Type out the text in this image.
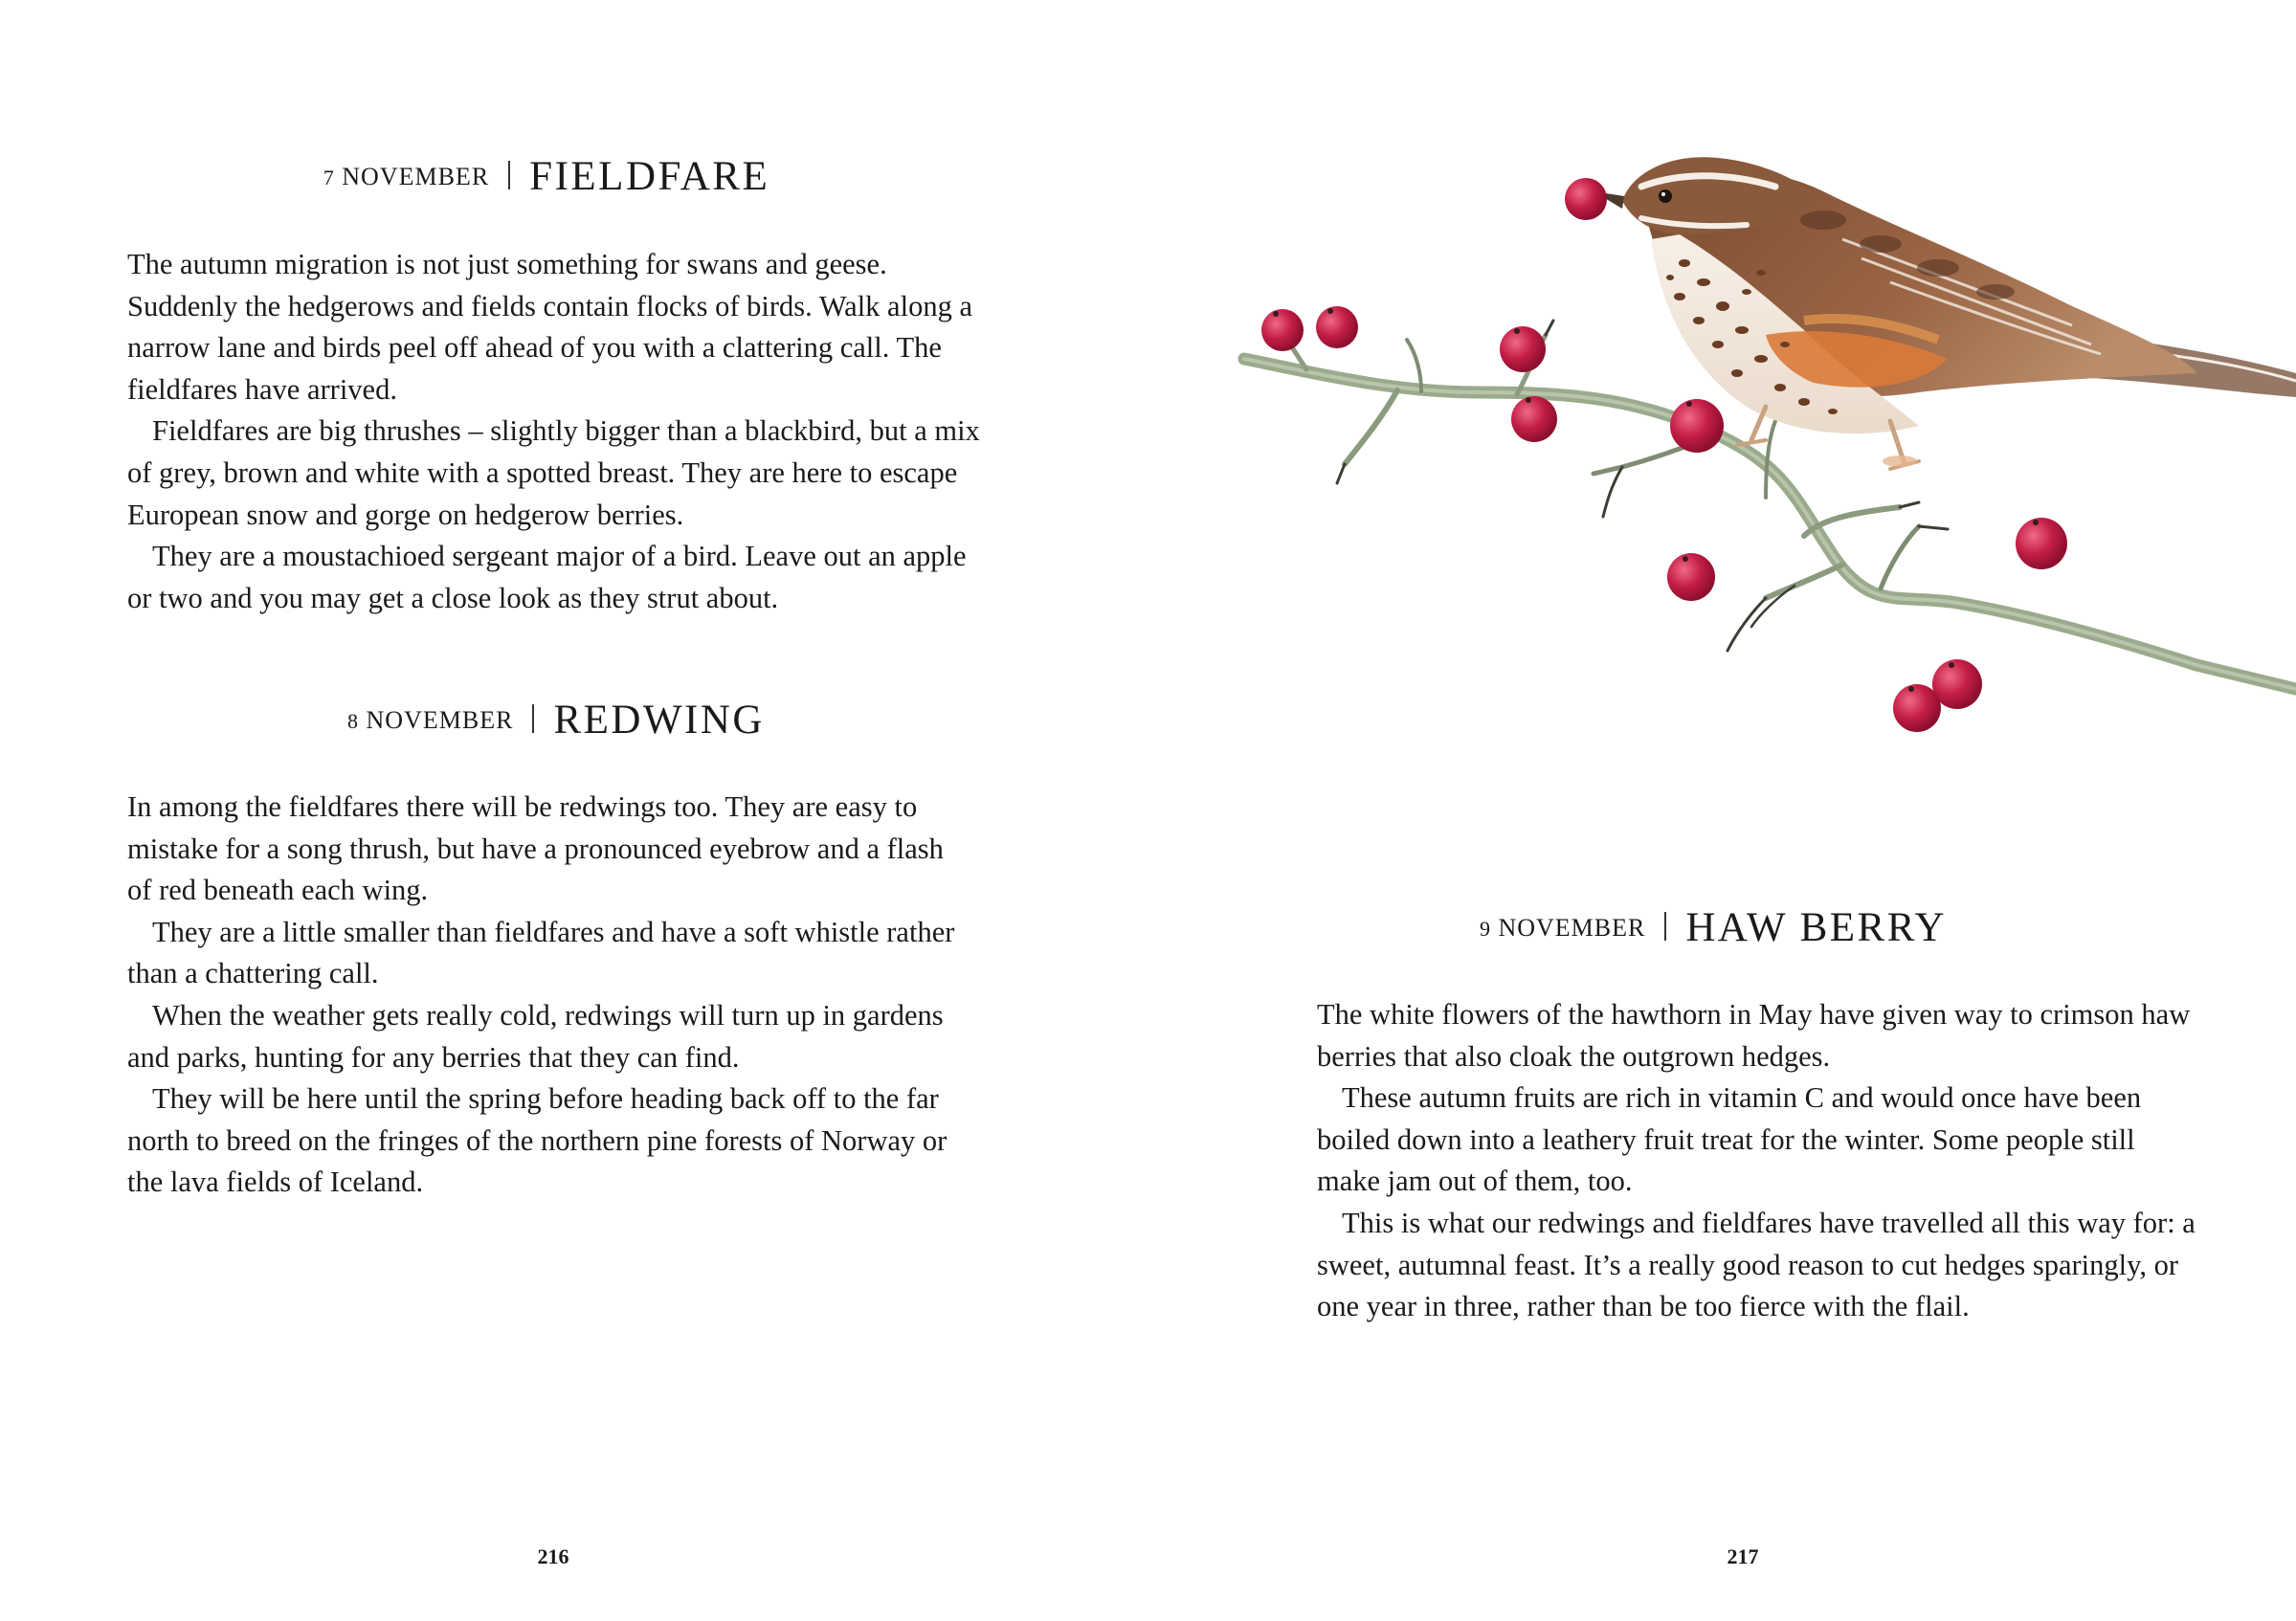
7 NOVEMBER FIELDFARE

The autumn migration is not just something for swans and geese. Suddenly the hedgerows and fields contain flocks of birds. Walk along a narrow lane and birds peel off ahead of you with a clattering call. The fieldfares have arrived.

Fieldfares are big thrushes – slightly bigger than a blackbird, but a mix of grey, brown and white with a spotted breast. They are here to escape European snow and gorge on hedgerow berries.

They are a moustachioed sergeant major of a bird. Leave out an apple or two and you may get a close look as they strut about.

8 NOVEMBER REDWING

In among the fieldfares there will be redwings too. They are easy to mistake for a song thrush, but have a pronounced eyebrow and a flash of red beneath each wing.

They are a little smaller than fieldfares and have a soft whistle rather than a chattering call.

When the weather gets really cold, redwings will turn up in gardens and parks, hunting for any berries that they can find.

They will be here until the spring before heading back off to the far north to breed on the fringes of the northern pine forests of Norway or the lava fields of Iceland.

216
9 NOVEMBER HAW BERRY

The white flowers of the hawthorn in May have given way to crimson haw berries that also cloak the outgrown hedges.

These autumn fruits are rich in vitamin C and would once have been boiled down into a leathery fruit treat for the winter. Some people still make jam out of them, too.

This is what our redwings and fieldfares have travelled all this way for: a sweet, autumnal feast. It’s a really good reason to cut hedges sparingly, or one year in three, rather than be too fierce with the flail.

217
